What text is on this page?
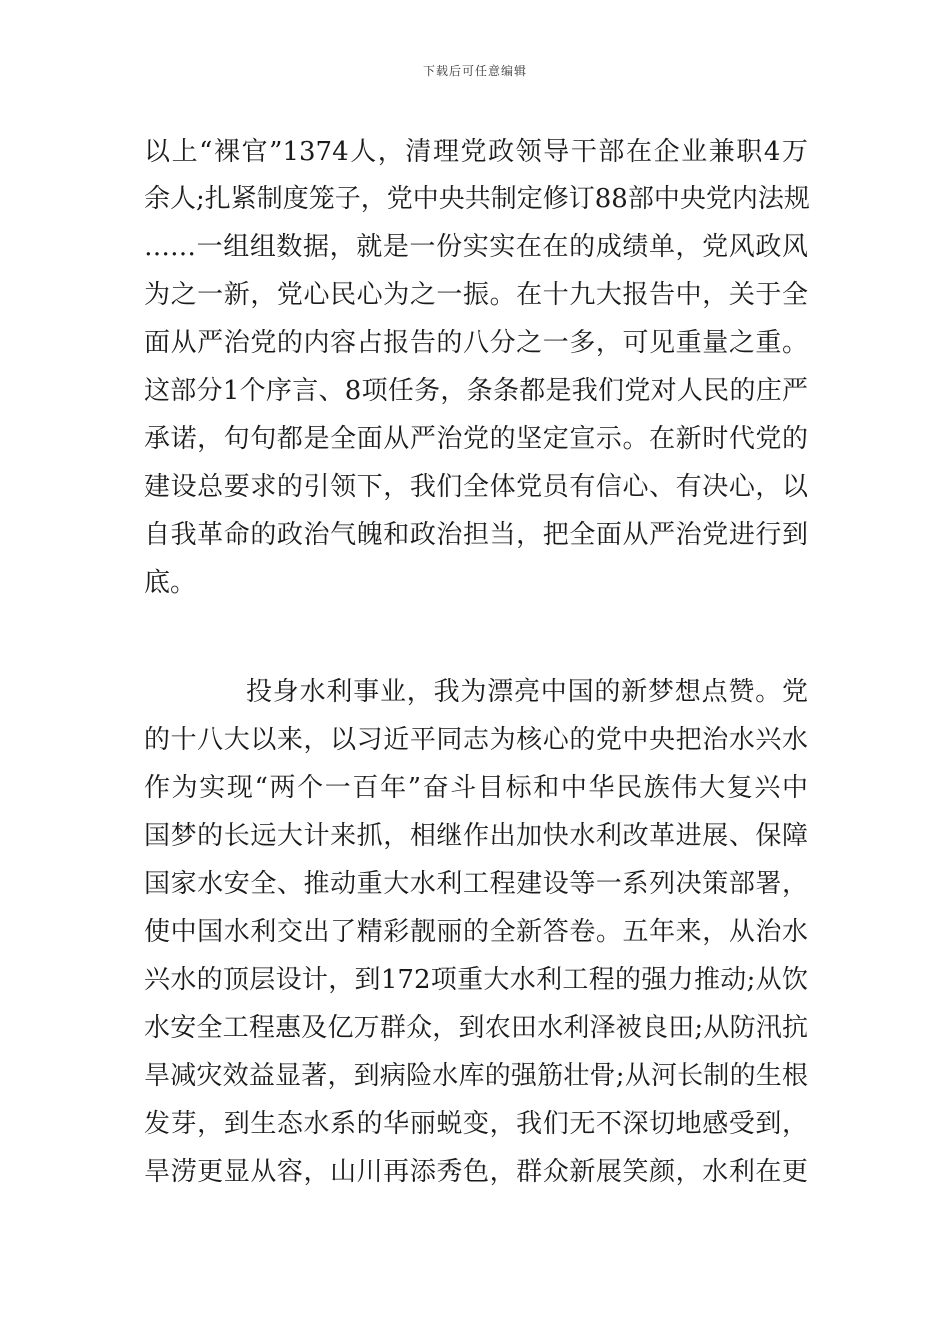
下载后可任意编辑
以上“裸官”1374人，清理党政领导干部在企业兼职4万
余人;扎紧制度笼子，党中央共制定修订88部中央党内法规
……一组组数据，就是一份实实在在的成绩单，党风政风
为之一新，党心民心为之一振。在十九大报告中，关于全
面从严治党的内容占报告的八分之一多，可见重量之重。
这部分1个序言、8项任务，条条都是我们党对人民的庄严
承诺，句句都是全面从严治党的坚定宣示。在新时代党的
建设总要求的引领下，我们全体党员有信心、有决心，以
自我革命的政治气魄和政治担当，把全面从严治党进行到
底。
投身水利事业，我为漂亮中国的新梦想点赞。党
的十八大以来，以习近平同志为核心的党中央把治水兴水
作为实现“两个一百年”奋斗目标和中华民族伟大复兴中
国梦的长远大计来抓，相继作出加快水利改革进展、保障
国家水安全、推动重大水利工程建设等一系列决策部署，
使中国水利交出了精彩靓丽的全新答卷。五年来，从治水
兴水的顶层设计，到172项重大水利工程的强力推动;从饮
水安全工程惠及亿万群众，到农田水利泽被良田;从防汛抗
旱减灾效益显著，到病险水库的强筋壮骨;从河长制的生根
发芽，到生态水系的华丽蜕变，我们无不深切地感受到，
旱涝更显从容，山川再添秀色，群众新展笑颜，水利在更
